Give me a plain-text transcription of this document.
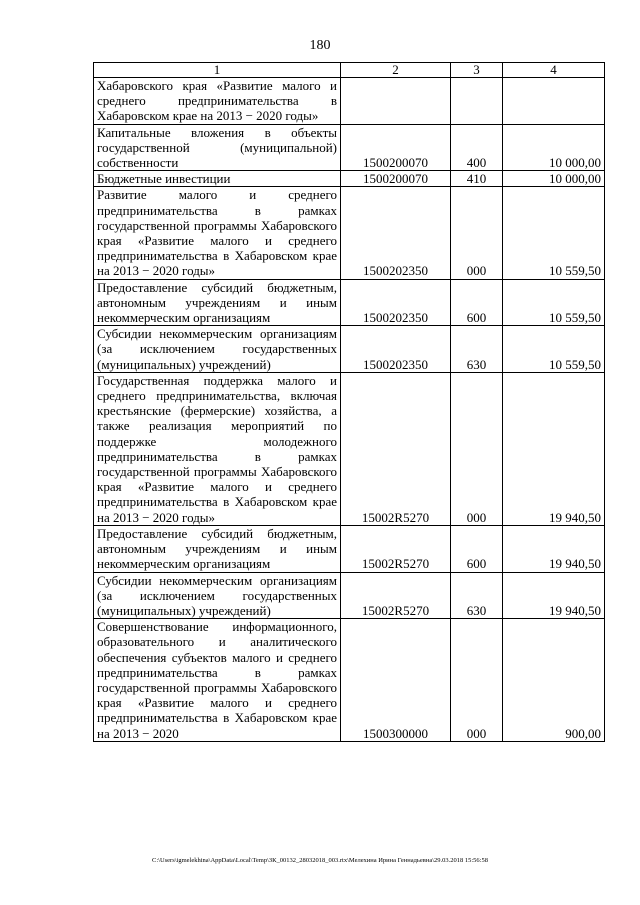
180
1	2	3	4
Хабаровского края «Развитие малого и среднего предпринимательства в Хабаровском крае на 2013 − 2020 годы»			
Капитальные вложения в объекты государственной (муниципальной) собственности	1500200070	400	10 000,00
Бюджетные инвестиции	1500200070	410	10 000,00
Развитие малого и среднего предпринимательства в рамках государственной программы Хабаровского края «Развитие малого и среднего предпринимательства в Хабаровском крае на 2013 − 2020 годы»	1500202350	000	10 559,50
Предоставление субсидий бюджетным, автономным учреждениям и иным некоммерческим организациям	1500202350	600	10 559,50
Субсидии некоммерческим организациям (за исключением государственных (муниципальных) учреждений)	1500202350	630	10 559,50
Государственная поддержка малого и среднего предпринимательства, включая крестьянские (фермерские) хозяйства, а также реализация мероприятий по поддержке молодежного предпринимательства в рамках государственной программы Хабаровского края «Развитие малого и среднего предпринимательства в Хабаровском крае на 2013 − 2020 годы»	15002R5270	000	19 940,50
Предоставление субсидий бюджетным, автономным учреждениям и иным некоммерческим организациям	15002R5270	600	19 940,50
Субсидии некоммерческим организациям (за исключением государственных (муниципальных) учреждений)	15002R5270	630	19 940,50
Совершенствование информационного, образовательного и аналитического обеспечения субъектов малого и среднего предпринимательства в рамках государственной программы Хабаровского края «Развитие малого и среднего предпринимательства в Хабаровском крае на 2013 − 2020	1500300000	000	900,00
C:\Users\igmelekhina\AppData\Local\Temp\ЗК_00132_28032018_003.rtx\Мелехина Ирина Геннадьевна\29.03.2018 15:56:58
